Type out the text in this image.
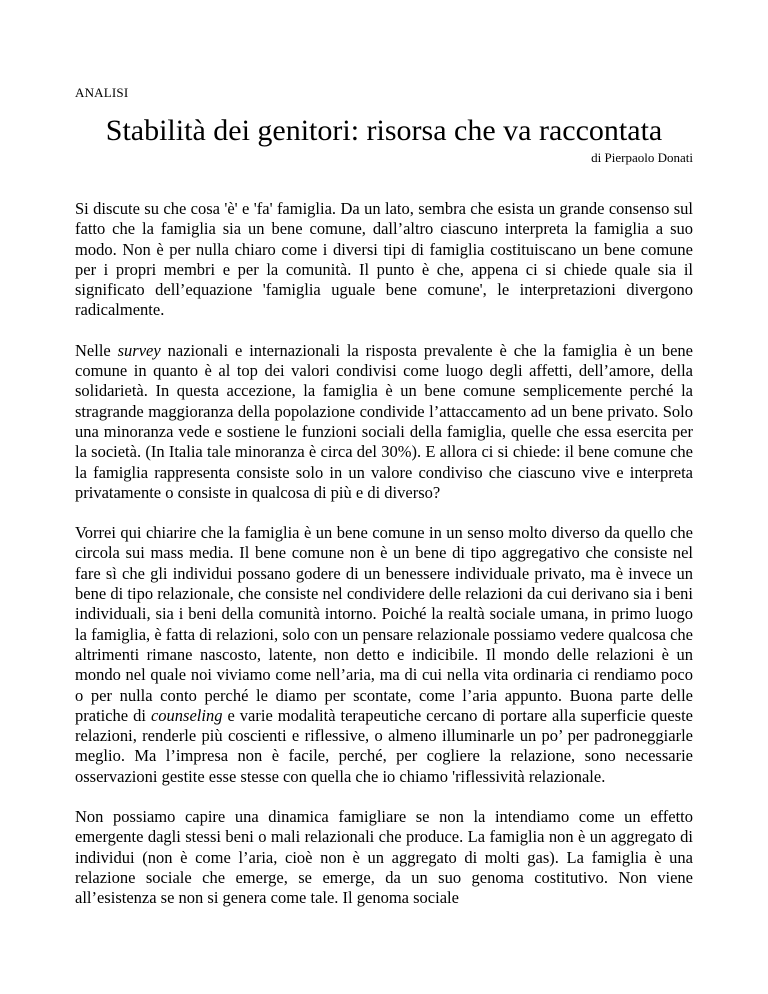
ANALISI
Stabilità dei genitori: risorsa che va raccontata
di Pierpaolo Donati

Si discute su che cosa 'è' e 'fa' famiglia. Da un lato, sembra che esista un grande consenso sul fatto che la famiglia sia un bene comune, dall’altro ciascuno interpreta la famiglia a suo modo. Non è per nulla chiaro come i diversi tipi di famiglia costituiscano un bene comune per i propri membri e per la comunità. Il punto è che, appena ci si chiede quale sia il significato dell’equazione 'famiglia uguale bene comune', le interpretazioni divergono radicalmente.

Nelle survey nazionali e internazionali la risposta prevalente è che la famiglia è un bene comune in quanto è al top dei valori condivisi come luogo degli affetti, dell’amore, della solidarietà. In questa accezione, la famiglia è un bene comune semplicemente perché la stragrande maggioranza della popolazione condivide l’attaccamento ad un bene privato. Solo una minoranza vede e sostiene le funzioni sociali della famiglia, quelle che essa esercita per la società. (In Italia tale minoranza è circa del 30%). E allora ci si chiede: il bene comune che la famiglia rappresenta consiste solo in un valore condiviso che ciascuno vive e interpreta privatamente o consiste in qualcosa di più e di diverso?

Vorrei qui chiarire che la famiglia è un bene comune in un senso molto diverso da quello che circola sui mass media. Il bene comune non è un bene di tipo aggregativo che consiste nel fare sì che gli individui possano godere di un benessere individuale privato, ma è invece un bene di tipo relazionale, che consiste nel condividere delle relazioni da cui derivano sia i beni individuali, sia i beni della comunità intorno. Poiché la realtà sociale umana, in primo luogo la famiglia, è fatta di relazioni, solo con un pensare relazionale possiamo vedere qualcosa che altrimenti rimane nascosto, latente, non detto e indicibile. Il mondo delle relazioni è un mondo nel quale noi viviamo come nell’aria, ma di cui nella vita ordinaria ci rendiamo poco o per nulla conto perché le diamo per scontate, come l’aria appunto. Buona parte delle pratiche di counseling e varie modalità terapeutiche cercano di portare alla superficie queste relazioni, renderle più coscienti e riflessive, o almeno illuminarle un po’ per padroneggiarle meglio. Ma l’impresa non è facile, perché, per cogliere la relazione, sono necessarie osservazioni gestite esse stesse con quella che io chiamo 'riflessività relazionale.

Non possiamo capire una dinamica famigliare se non la intendiamo come un effetto emergente dagli stessi beni o mali relazionali che produce. La famiglia non è un aggregato di individui (non è come l’aria, cioè non è un aggregato di molti gas). La famiglia è una relazione sociale che emerge, se emerge, da un suo genoma costitutivo. Non viene all’esistenza se non si genera come tale. Il genoma sociale
